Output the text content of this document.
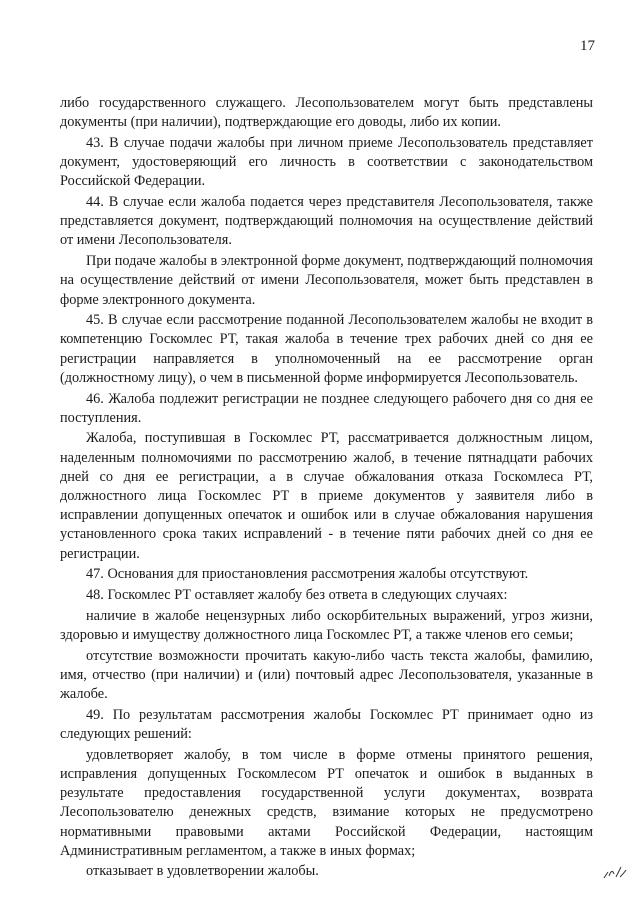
17

либо государственного служащего. Лесопользователем могут быть представлены документы (при наличии), подтверждающие его доводы, либо их копии.

43. В случае подачи жалобы при личном приеме Лесопользователь представляет документ, удостоверяющий его личность в соответствии с законодательством Российской Федерации.

44. В случае если жалоба подается через представителя Лесопользователя, также представляется документ, подтверждающий полномочия на осуществление действий от имени Лесопользователя.

При подаче жалобы в электронной форме документ, подтверждающий полномочия на осуществление действий от имени Лесопользователя, может быть представлен в форме электронного документа.

45. В случае если рассмотрение поданной Лесопользователем жалобы не входит в компетенцию Госкомлес РТ, такая жалоба в течение трех рабочих дней со дня ее регистрации направляется в уполномоченный на ее рассмотрение орган (должностному лицу), о чем в письменной форме информируется Лесопользователь.

46. Жалоба подлежит регистрации не позднее следующего рабочего дня со дня ее поступления.

Жалоба, поступившая в Госкомлес РТ, рассматривается должностным лицом, наделенным полномочиями по рассмотрению жалоб, в течение пятнадцати рабочих дней со дня ее регистрации, а в случае обжалования отказа Госкомлеса РТ, должностного лица Госкомлес РТ в приеме документов у заявителя либо в исправлении допущенных опечаток и ошибок или в случае обжалования нарушения установленного срока таких исправлений - в течение пяти рабочих дней со дня ее регистрации.

47. Основания для приостановления рассмотрения жалобы отсутствуют.

48. Госкомлес РТ оставляет жалобу без ответа в следующих случаях:

наличие в жалобе нецензурных либо оскорбительных выражений, угроз жизни, здоровью и имуществу должностного лица Госкомлес РТ, а также членов его семьи;

отсутствие возможности прочитать какую-либо часть текста жалобы, фамилию, имя, отчество (при наличии) и (или) почтовый адрес Лесопользователя, указанные в жалобе.

49. По результатам рассмотрения жалобы Госкомлес РТ принимает одно из следующих решений:

удовлетворяет жалобу, в том числе в форме отмены принятого решения, исправления допущенных Госкомлесом РТ опечаток и ошибок в выданных в результате предоставления государственной услуги документах, возврата Лесопользователю денежных средств, взимание которых не предусмотрено нормативными правовыми актами Российской Федерации, настоящим Административным регламентом, а также в иных формах;

отказывает в удовлетворении жалобы.
